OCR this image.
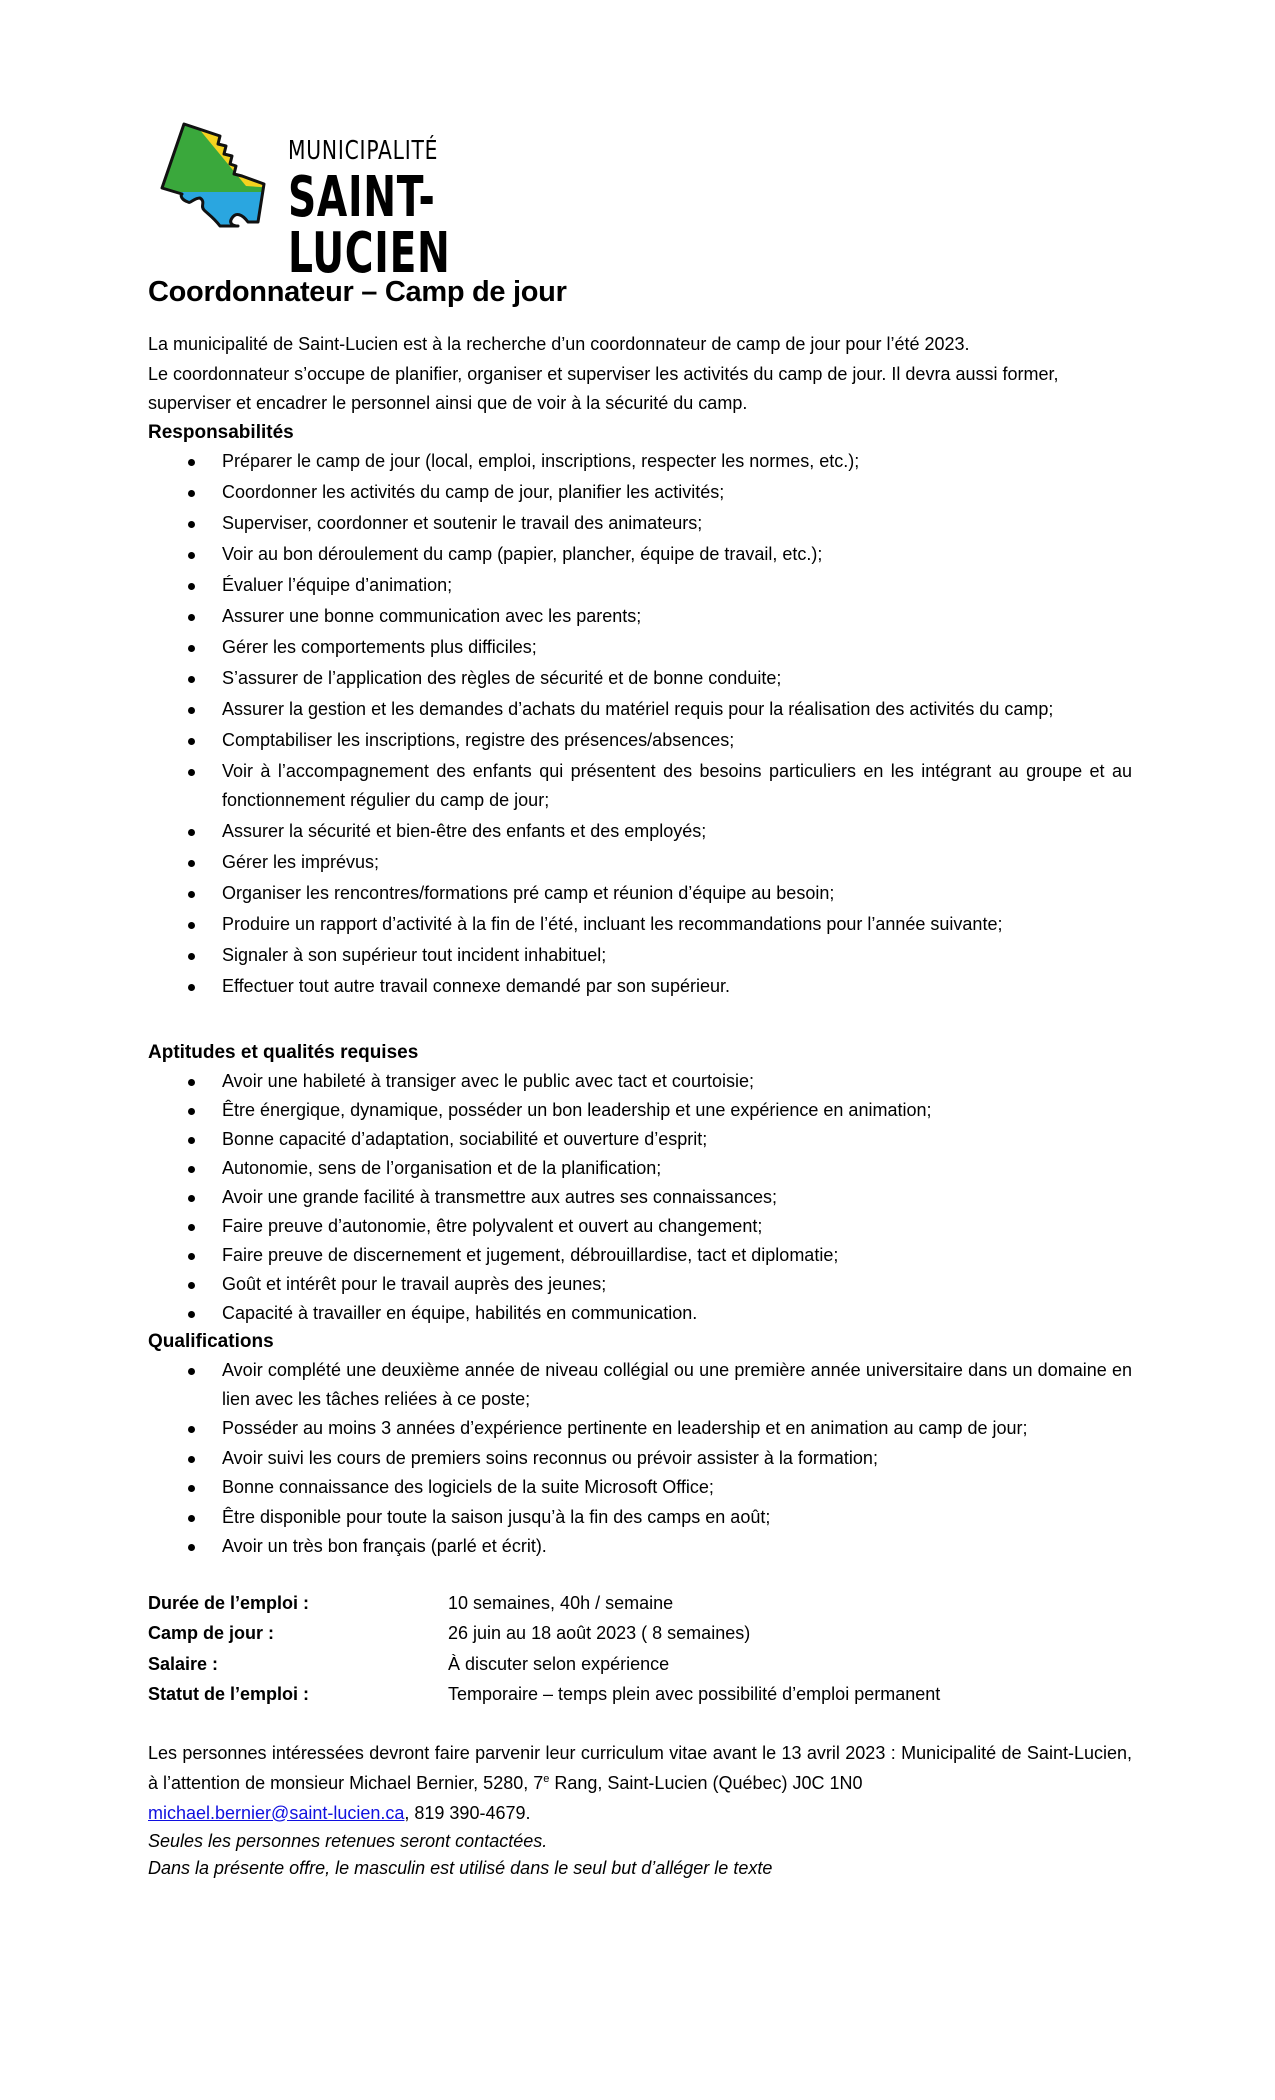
MUNICIPALITÉ
SAINT-LUCIEN
Coordonnateur – Camp de jour

La municipalité de Saint-Lucien est à la recherche d’un coordonnateur de camp de jour pour l’été 2023.

Le coordonnateur s’occupe de planifier, organiser et superviser les activités du camp de jour. Il devra aussi former, superviser et encadrer le personnel ainsi que de voir à la sécurité du camp.

Responsabilités
Préparer le camp de jour (local, emploi, inscriptions, respecter les normes, etc.);
Coordonner les activités du camp de jour, planifier les activités;
Superviser, coordonner et soutenir le travail des animateurs;
Voir au bon déroulement du camp (papier, plancher, équipe de travail, etc.);
Évaluer l’équipe d’animation;
Assurer une bonne communication avec les parents;
Gérer les comportements plus difficiles;
S’assurer de l’application des règles de sécurité et de bonne conduite;
Assurer la gestion et les demandes d’achats du matériel requis pour la réalisation des activités du camp;
Comptabiliser les inscriptions, registre des présences/absences;
Voir à l’accompagnement des enfants qui présentent des besoins particuliers en les intégrant au groupe et au fonctionnement régulier du camp de jour;
Assurer la sécurité et bien-être des enfants et des employés;
Gérer les imprévus;
Organiser les rencontres/formations pré camp et réunion d’équipe au besoin;
Produire un rapport d’activité à la fin de l’été, incluant les recommandations pour l’année suivante;
Signaler à son supérieur tout incident inhabituel;
Effectuer tout autre travail connexe demandé par son supérieur.
Aptitudes et qualités requises
Avoir une habileté à transiger avec le public avec tact et courtoisie;
Être énergique, dynamique, posséder un bon leadership et une expérience en animation;
Bonne capacité d’adaptation, sociabilité et ouverture d’esprit;
Autonomie, sens de l’organisation et de la planification;
Avoir une grande facilité à transmettre aux autres ses connaissances;
Faire preuve d’autonomie, être polyvalent et ouvert au changement;
Faire preuve de discernement et jugement, débrouillardise, tact et diplomatie;
Goût et intérêt pour le travail auprès des jeunes;
Capacité à travailler en équipe, habilités en communication.
Qualifications
Avoir complété une deuxième année de niveau collégial ou une première année universitaire dans un domaine en lien avec les tâches reliées à ce poste;
Posséder au moins 3 années d’expérience pertinente en leadership et en animation au camp de jour;
Avoir suivi les cours de premiers soins reconnus ou prévoir assister à la formation;
Bonne connaissance des logiciels de la suite Microsoft Office;
Être disponible pour toute la saison jusqu’à la fin des camps en août;
Avoir un très bon français (parlé et écrit).
Durée de l’emploi :	10 semaines, 40h / semaine
Camp de jour :	26 juin au 18 août 2023 ( 8 semaines)
Salaire :	À discuter selon expérience
Statut de l’emploi :	Temporaire – temps plein avec possibilité d’emploi permanent

Les personnes intéressées devront faire parvenir leur curriculum vitae avant le 13 avril 2023 : Municipalité de Saint-Lucien, à l’attention de monsieur Michael Bernier, 5280, 7e Rang, Saint-Lucien (Québec) J0C 1N0
michael.bernier@saint-lucien.ca, 819 390-4679.

Seules les personnes retenues seront contactées.

Dans la présente offre, le masculin est utilisé dans le seul but d’alléger le texte
